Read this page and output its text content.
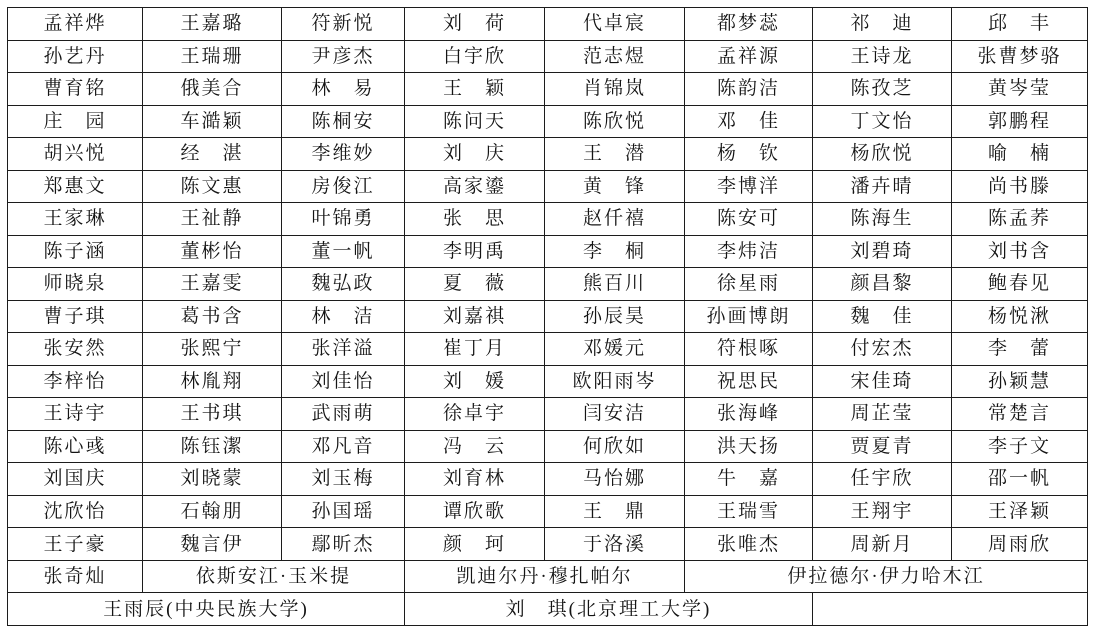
孟祥烨	王嘉璐	符新悦	刘　荷	代卓宸	都梦蕊	祁　迪	邱　丰
孙艺丹	王瑞珊	尹彦杰	白宇欣	范志煜	孟祥源	王诗龙	张曹梦骆
曹育铭	俄美合	林　易	王　颖	肖锦岚	陈韵洁	陈孜芝	黄岑莹
庄　园	车澔颖	陈桐安	陈问天	陈欣悦	邓　佳	丁文怡	郭鹏程
胡兴悦	经　湛	李维妙	刘　庆	王　潜	杨　钦	杨欣悦	喻　楠
郑惠文	陈文惠	房俊江	高家鎏	黄　锋	李博洋	潘卉晴	尚书滕
王家琳	王祉静	叶锦勇	张　思	赵仟禧	陈安可	陈海生	陈孟荞
陈子涵	董彬怡	董一帆	李明禹	李　桐	李炜洁	刘碧琦	刘书含
师晓泉	王嘉雯	魏弘政	夏　薇	熊百川	徐星雨	颜昌黎	鲍春见
曹子琪	葛书含	林　洁	刘嘉祺	孙辰昊	孙画博朗	魏　佳	杨悦湫
张安然	张熙宁	张洋溢	崔丁月	邓媛元	符根啄	付宏杰	李　蕾
李梓怡	林胤翔	刘佳怡	刘　媛	欧阳雨岑	祝思民	宋佳琦	孙颖慧
王诗宇	王书琪	武雨萌	徐卓宇	闫安洁	张海峰	周芷莹	常楚言
陈心彧	陈钰潔	邓凡音	冯　云	何欣如	洪天扬	贾夏青	李子文
刘国庆	刘晓蒙	刘玉梅	刘育林	马怡娜	牛　嘉	任宇欣	邵一帆
沈欣怡	石翰朋	孙国瑶	谭欣歌	王　鼎	王瑞雪	王翔宇	王泽颖
王子豪	魏言伊	鄢昕杰	颜　珂	于洛溪	张唯杰	周新月	周雨欣
张奇灿	依斯安江·玉米提		凯迪尔丹·穆扎帕尔		伊拉德尔·伊力哈木江		
王雨辰(中央民族大学)			刘　琪(北京理工大学)				
